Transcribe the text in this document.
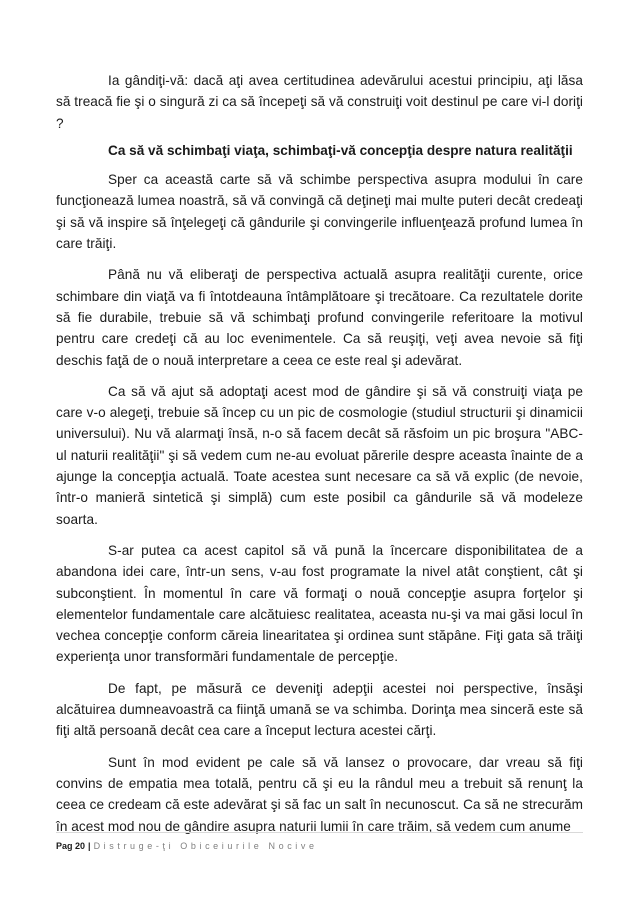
Ia gândiţi-vă: dacă aţi avea certitudinea adevărului acestui principiu, aţi lăsa să treacă fie şi o singură zi ca să începeţi să vă construiţi voit destinul pe care vi-l doriţi ?

Ca să vă schimbaţi viaţa, schimbaţi-vă concepţia despre natura realităţii

Sper ca această carte să vă schimbe perspectiva asupra modului în care funcţionează lumea noastră, să vă convingă că deţineţi mai multe puteri decât credeaţi şi să vă inspire să înţelegeţi că gândurile şi convingerile influenţează profund lumea în care trăiţi.

Până nu vă eliberaţi de perspectiva actuală asupra realităţii curente, orice schimbare din viaţă va fi întotdeauna întâmplătoare şi trecătoare. Ca rezultatele dorite să fie durabile, trebuie să vă schimbaţi profund convingerile referitoare la motivul pentru care credeţi că au loc evenimentele. Ca să reuşiţi, veţi avea nevoie să fiţi deschis faţă de o nouă interpretare a ceea ce este real şi adevărat.

Ca să vă ajut să adoptaţi acest mod de gândire şi să vă construiţi viaţa pe care v-o alegeţi, trebuie să încep cu un pic de cosmologie (studiul structurii şi dinamicii universului). Nu vă alarmaţi însă, n-o să facem decât să răsfoim un pic broşura "ABC-ul naturii realităţii" şi să vedem cum ne-au evoluat părerile despre aceasta înainte de a ajunge la concepţia actuală. Toate acestea sunt necesare ca să vă explic (de nevoie, într-o manieră sintetică şi simplă) cum este posibil ca gândurile să vă modeleze soarta.

S-ar putea ca acest capitol să vă pună la încercare disponibilitatea de a abandona idei care, într-un sens, v-au fost programate la nivel atât conştient, cât şi subconştient. În momentul în care vă formaţi o nouă concepţie asupra forţelor şi elementelor fundamentale care alcătuiesc realitatea, aceasta nu-şi va mai găsi locul în vechea concepţie conform căreia linearitatea şi ordinea sunt stăpâne. Fiţi gata să trăiţi experienţa unor transformări fundamentale de percepţie.

De fapt, pe măsură ce deveniţi adepţii acestei noi perspective, însăşi alcătuirea dumneavoastră ca fiinţă umană se va schimba. Dorinţa mea sinceră este să fiţi altă persoană decât cea care a început lectura acestei cărţi.

Sunt în mod evident pe cale să vă lansez o provocare, dar vreau să fiţi convins de empatia mea totală, pentru că şi eu la rândul meu a trebuit să renunţ la ceea ce credeam că este adevărat şi să fac un salt în necunoscut. Ca să ne strecurăm în acest mod nou de gândire asupra naturii lumii în care trăim, să vedem cum anume

Pag 20 | Distruge-ţi Obiceiurile Nocive
